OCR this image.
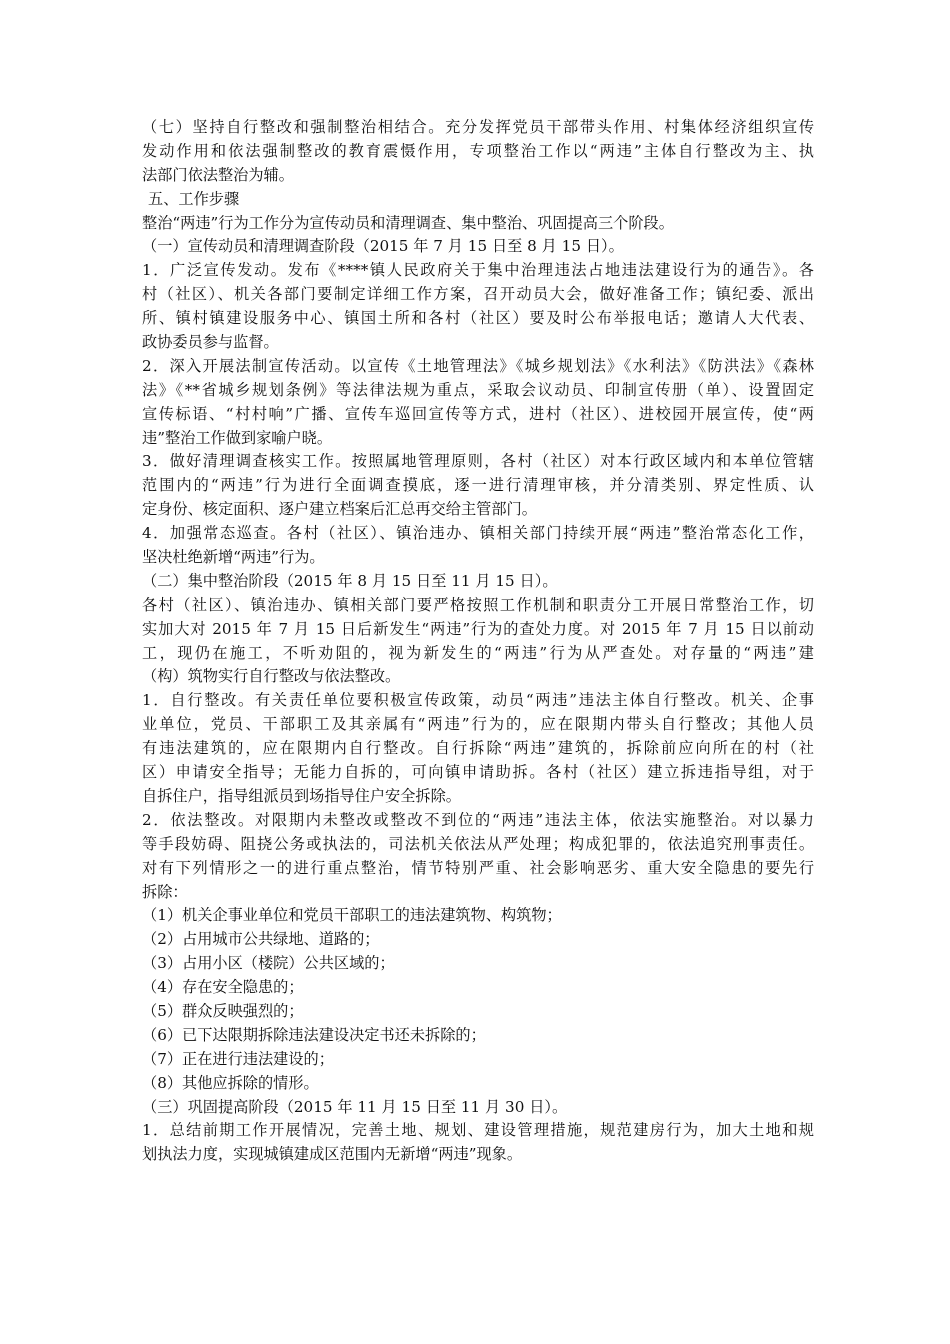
（七）坚持自行整改和强制整治相结合。充分发挥党员干部带头作用、村集体经济组织宣传
发动作用和依法强制整改的教育震慑作用，专项整治工作以“两违”主体自行整改为主、执
法部门依法整治为辅。
五、工作步骤
整治“两违”行为工作分为宣传动员和清理调查、集中整治、巩固提高三个阶段。
（一）宣传动员和清理调查阶段（2015 年 7 月 15 日至 8 月 15 日）。
1．广泛宣传发动。发布《****镇人民政府关于集中治理违法占地违法建设行为的通告》。各
村（社区）、机关各部门要制定详细工作方案，召开动员大会，做好准备工作；镇纪委、派出
所、镇村镇建设服务中心、镇国土所和各村（社区）要及时公布举报电话；邀请人大代表、
政协委员参与监督。
2．深入开展法制宣传活动。以宣传《土地管理法》《城乡规划法》《水利法》《防洪法》《森林
法》《**省城乡规划条例》等法律法规为重点，采取会议动员、印制宣传册（单）、设置固定
宣传标语、“村村响”广播、宣传车巡回宣传等方式，进村（社区）、进校园开展宣传，使“两
违”整治工作做到家喻户晓。
3．做好清理调查核实工作。按照属地管理原则，各村（社区）对本行政区域内和本单位管辖
范围内的“两违”行为进行全面调查摸底，逐一进行清理审核，并分清类别、界定性质、认
定身份、核定面积、逐户建立档案后汇总再交给主管部门。
4．加强常态巡查。各村（社区）、镇治违办、镇相关部门持续开展“两违”整治常态化工作，
坚决杜绝新增“两违”行为。
（二）集中整治阶段（2015 年 8 月 15 日至 11 月 15 日）。
各村（社区）、镇治违办、镇相关部门要严格按照工作机制和职责分工开展日常整治工作，切
实加大对 2015 年 7 月 15 日后新发生“两违”行为的查处力度。对 2015 年 7 月 15 日以前动
工，现仍在施工，不听劝阻的，视为新发生的“两违”行为从严查处。对存量的“两违”建
（构）筑物实行自行整改与依法整改。
1．自行整改。有关责任单位要积极宣传政策，动员“两违”违法主体自行整改。机关、企事
业单位，党员、干部职工及其亲属有“两违”行为的，应在限期内带头自行整改；其他人员
有违法建筑的，应在限期内自行整改。自行拆除“两违”建筑的，拆除前应向所在的村（社
区）申请安全指导；无能力自拆的，可向镇申请助拆。各村（社区）建立拆违指导组，对于
自拆住户，指导组派员到场指导住户安全拆除。
2．依法整改。对限期内未整改或整改不到位的“两违”违法主体，依法实施整治。对以暴力
等手段妨碍、阻挠公务或执法的，司法机关依法从严处理；构成犯罪的，依法追究刑事责任。
对有下列情形之一的进行重点整治，情节特别严重、社会影响恶劣、重大安全隐患的要先行
拆除：
（1）机关企事业单位和党员干部职工的违法建筑物、构筑物；
（2）占用城市公共绿地、道路的；
（3）占用小区（楼院）公共区域的；
（4）存在安全隐患的；
（5）群众反映强烈的；
（6）已下达限期拆除违法建设决定书还未拆除的；
（7）正在进行违法建设的；
（8）其他应拆除的情形。
（三）巩固提高阶段（2015 年 11 月 15 日至 11 月 30 日）。
1．总结前期工作开展情况，完善土地、规划、建设管理措施，规范建房行为，加大土地和规
划执法力度，实现城镇建成区范围内无新增“两违”现象。
